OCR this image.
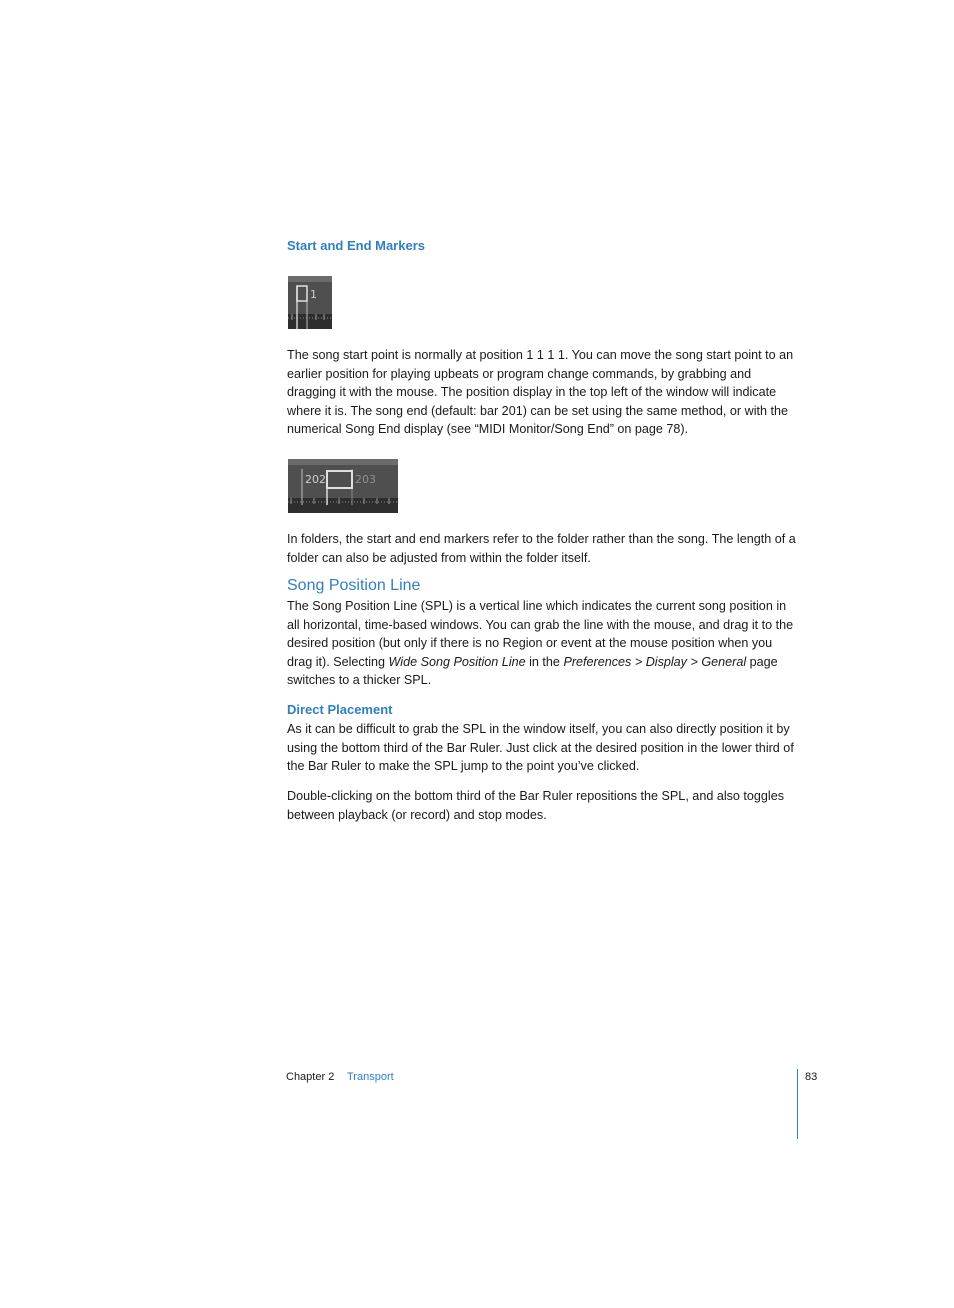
Start and End Markers
1

The song start point is normally at position 1 1 1 1. You can move the song start point to an earlier position for playing upbeats or program change commands, by grabbing and dragging it with the mouse. The position display in the top left of the window will indicate where it is. The song end (default: bar 201) can be set using the same method, or with the numerical Song End display (see “MIDI Monitor/Song End” on page 78).

202	203

In folders, the start and end markers refer to the folder rather than the song. The length of a folder can also be adjusted from within the folder itself.

Song Position Line

The Song Position Line (SPL) is a vertical line which indicates the current song position in all horizontal, time-based windows. You can grab the line with the mouse, and drag it to the desired position (but only if there is no Region or event at the mouse position when you drag it). Selecting Wide Song Position Line in the Preferences > Display > General page switches to a thicker SPL.

Direct Placement

As it can be difficult to grab the SPL in the window itself, you can also directly position it by using the bottom third of the Bar Ruler. Just click at the desired position in the lower third of the Bar Ruler to make the SPL jump to the point you’ve clicked.

Double-clicking on the bottom third of the Bar Ruler repositions the SPL, and also toggles between playback (or record) and stop modes.

Chapter 2 Transport	83
